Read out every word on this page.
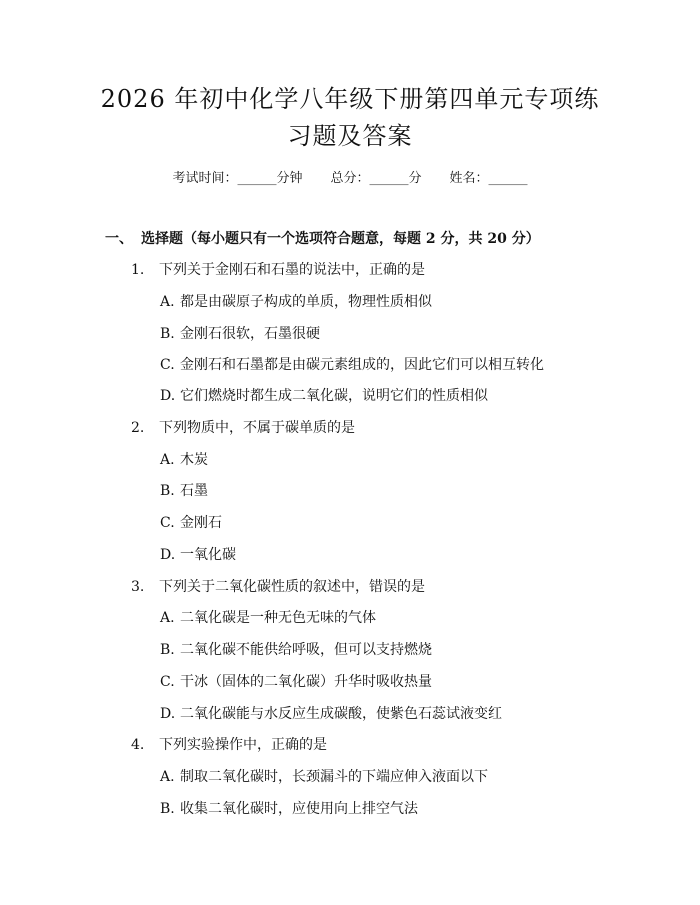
2026 年初中化学八年级下册第四单元专项练
习题及答案
考试时间：______分钟 总分：______分 姓名：______
一、 选择题（每小题只有一个选项符合题意，每题 2 分，共 20 分）
1. 下列关于金刚石和石墨的说法中，正确的是
A. 都是由碳原子构成的单质，物理性质相似
B. 金刚石很软，石墨很硬
C. 金刚石和石墨都是由碳元素组成的，因此它们可以相互转化
D. 它们燃烧时都生成二氧化碳，说明它们的性质相似
2. 下列物质中，不属于碳单质的是
A. 木炭
B. 石墨
C. 金刚石
D. 一氧化碳
3. 下列关于二氧化碳性质的叙述中，错误的是
A. 二氧化碳是一种无色无味的气体
B. 二氧化碳不能供给呼吸，但可以支持燃烧
C. 干冰（固体的二氧化碳）升华时吸收热量
D. 二氧化碳能与水反应生成碳酸，使紫色石蕊试液变红
4. 下列实验操作中，正确的是
A. 制取二氧化碳时，长颈漏斗的下端应伸入液面以下
B. 收集二氧化碳时，应使用向上排空气法
